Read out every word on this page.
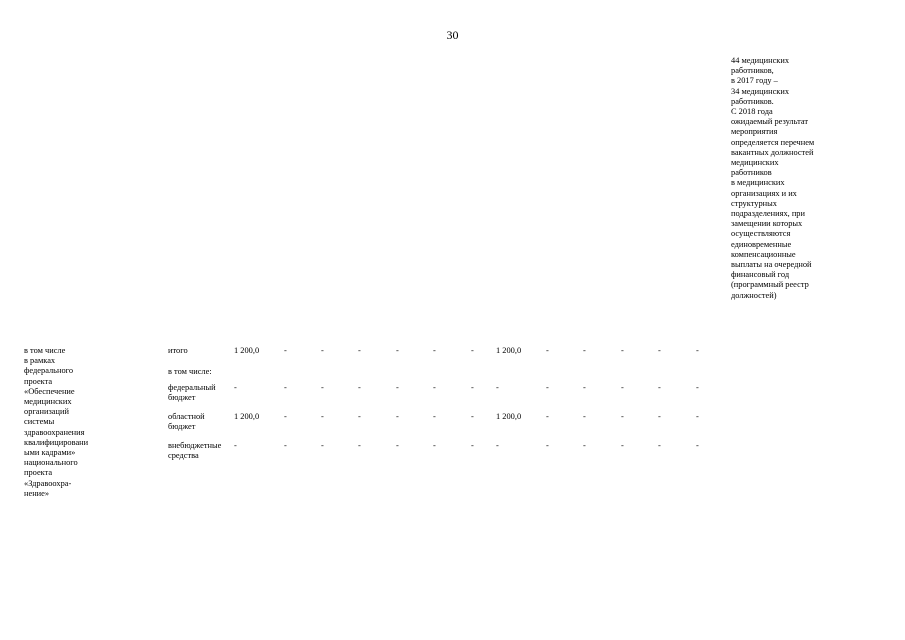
30
44 медицинских
работников,
в 2017 году –
34 медицинских
работников.
С 2018 года
ожидаемый результат
мероприятия
определяется перечнем
вакантных должностей
медицинских
работников
в медицинских
организациях и их
структурных
подразделениях, при
замещении которых
осуществляются
единовременные
компенсационные
выплаты на очередной
финансовый год
(программный реестр
должностей)
в том числе
в рамках
федерального
проекта
«Обеспечение
медицинских
организаций
системы
здравоохранения
квалифицировани
ыми кадрами»
национального
проекта
«Здравоохра-
нение»
итого	1 200,0	-	-	-	-	-	-	1 200,0	-	-	-	-	-
в том числе:
федеральный
бюджет
-	-	-	-	-	-	-	-	-	-	-	-	-
областной
бюджет
1 200,0	-	-	-	-	-	-	1 200,0	-	-	-	-	-
внебюджетные
средства
-	-	-	-	-	-	-	-	-	-	-	-	-
